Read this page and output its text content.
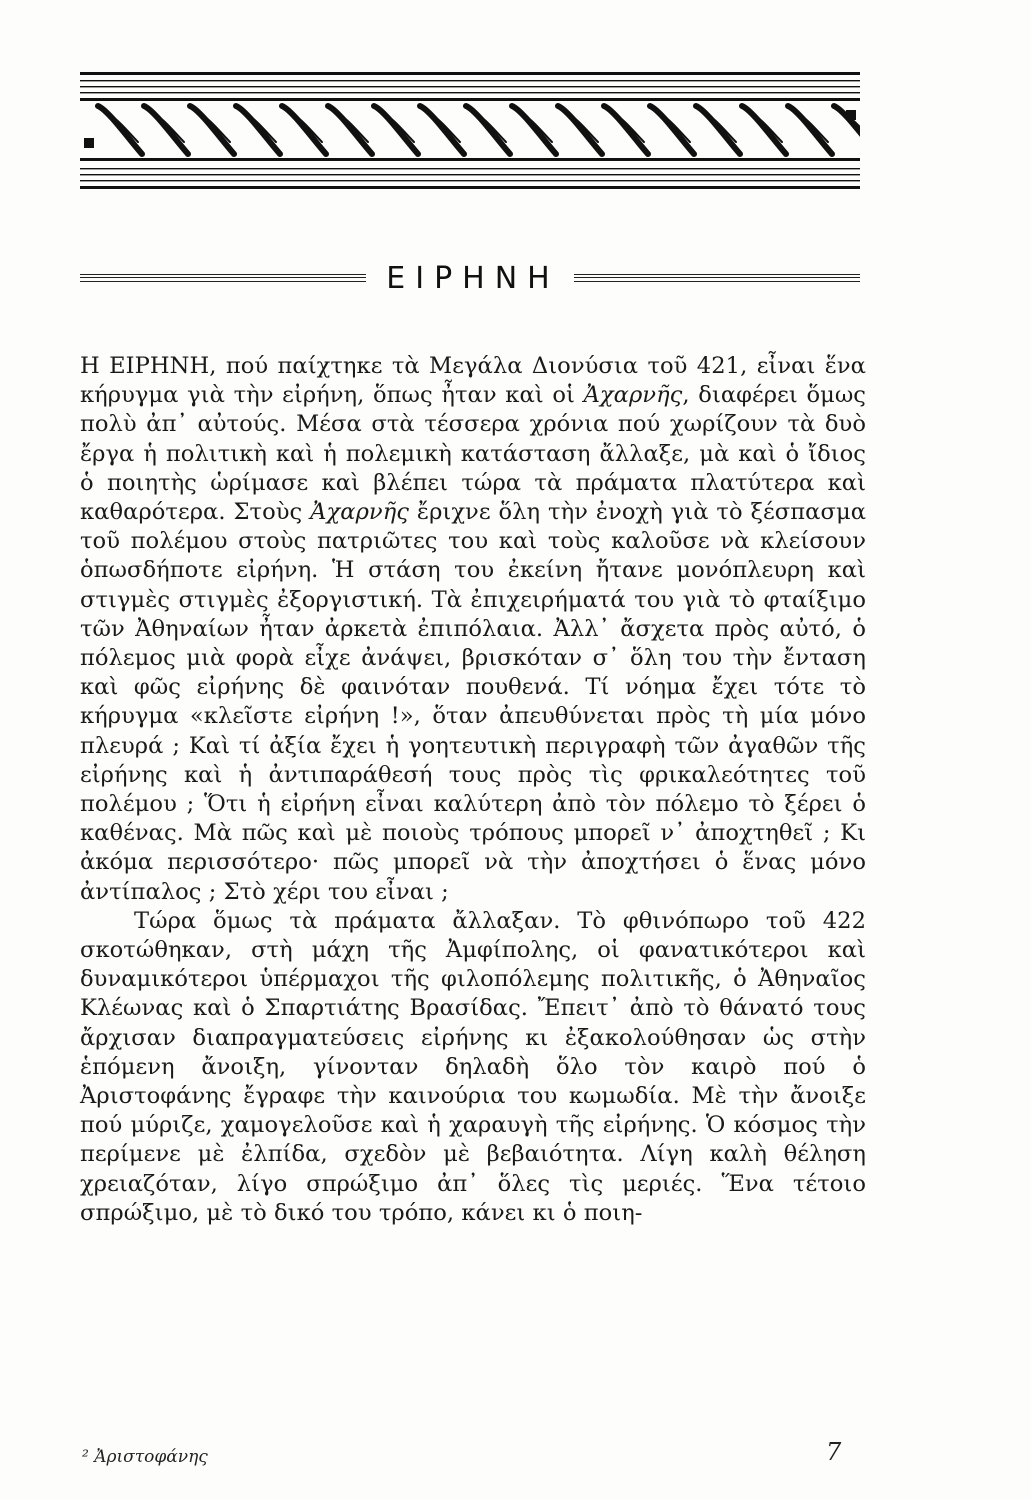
ΕΙΡΗΝΗ

Η ΕΙΡΗΝΗ, πού παίχτηκε τὰ Μεγάλα Διονύσια τοῦ 421, εἶναι ἕνα κήρυγμα γιὰ τὴν εἰρήνη, ὅπως ἦταν καὶ οἱ Ἀχαρνῆς, διαφέρει ὅμως πολὺ ἀπ᾽ αὐτούς. Μέσα στὰ τέσσερα χρόνια πού χωρίζουν τὰ δυὸ ἔργα ἡ πολιτικὴ καὶ ἡ πολεμικὴ κατάσταση ἄλλαξε, μὰ καὶ ὁ ἴδιος ὁ ποιητὴς ὡρίμασε καὶ βλέπει τώρα τὰ πράματα πλατύτερα καὶ καθαρότερα. Στοὺς Ἀχαρνῆς ἔριχνε ὅλη τὴν ἐνοχὴ γιὰ τὸ ξέσπασμα τοῦ πολέμου στοὺς πατριῶτες του καὶ τοὺς καλοῦσε νὰ κλείσουν ὁπωσδήποτε εἰρήνη. Ἡ στάση του ἐκείνη ἤτανε μονόπλευρη καὶ στιγμὲς στιγμὲς ἐξοργιστική. Τὰ ἐπιχειρήματά του γιὰ τὸ φταίξιμο τῶν Ἀθηναίων ἦταν ἀρκετὰ ἐπιπόλαια. Ἀλλ᾽ ἄσχετα πρὸς αὐτό, ὁ πόλεμος μιὰ φορὰ εἶχε ἀνάψει, βρισκόταν σ᾽ ὅλη του τὴν ἔνταση καὶ φῶς εἰρήνης δὲ φαινόταν πουθενά. Τί νόημα ἔχει τότε τὸ κήρυγμα «κλεῖστε εἰρήνη !», ὅταν ἀπευθύνεται πρὸς τὴ μία μόνο πλευρά ; Καὶ τί ἀξία ἔχει ἡ γοητευτικὴ περιγραφὴ τῶν ἀγαθῶν τῆς εἰρήνης καὶ ἡ ἀντιπαράθεσή τους πρὸς τὶς φρικαλεότητες τοῦ πολέμου ; Ὅτι ἡ εἰρήνη εἶναι καλύτερη ἀπὸ τὸν πόλεμο τὸ ξέρει ὁ καθένας. Μὰ πῶς καὶ μὲ ποιοὺς τρόπους μπορεῖ ν᾽ ἀποχτηθεῖ ; Κι ἀκόμα περισσότερο· πῶς μπορεῖ νὰ τὴν ἀποχτήσει ὁ ἕνας μόνο ἀντίπαλος ; Στὸ χέρι του εἶναι ;

Τώρα ὅμως τὰ πράματα ἄλλαξαν. Τὸ φθινόπωρο τοῦ 422 σκοτώθηκαν, στὴ μάχη τῆς Ἀμφίπολης, οἱ φανατικότεροι καὶ δυναμικότεροι ὑπέρμαχοι τῆς φιλοπόλεμης πολιτικῆς, ὁ Ἀθηναῖος Κλέωνας καὶ ὁ Σπαρτιάτης Βρασίδας. Ἔπειτ᾽ ἀπὸ τὸ θάνατό τους ἄρχισαν διαπραγματεύσεις εἰρήνης κι ἐξακολούθησαν ὡς στὴν ἑπόμενη ἄνοιξη, γίνονταν δηλαδὴ ὅλο τὸν καιρὸ πού ὁ Ἀριστοφάνης ἔγραφε τὴν καινούρια του κωμωδία. Μὲ τὴν ἄνοιξε πού μύριζε, χαμογελοῦσε καὶ ἡ χαραυγὴ τῆς εἰρήνης. Ὁ κόσμος τὴν περίμενε μὲ ἐλπίδα, σχεδὸν μὲ βεβαιότητα. Λίγη καλὴ θέληση χρειαζόταν, λίγο σπρώξιμο ἀπ᾽ ὅλες τὶς μεριές. Ἕνα τέτοιο σπρώξιμο, μὲ τὸ δικό του τρόπο, κάνει κι ὁ ποιη-

² Ἀριστοφάνης	7
